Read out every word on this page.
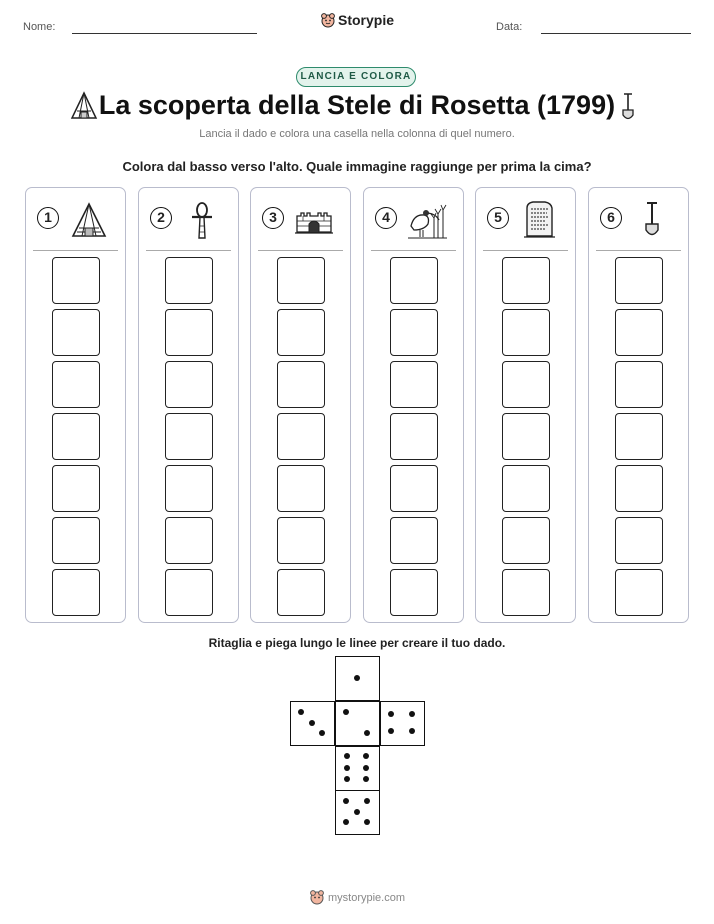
Nome:	Data:
Storypie
LANCIA E COLORA
La scoperta della Stele di Rosetta (1799)
Lancia il dado e colora una casella nella colonna di quel numero.
Colora dal basso verso l'alto. Quale immagine raggiunge per prima la cima?
1	2	3	4	5	6
Ritaglia e piega lungo le linee per creare il tuo dado.
mystorypie.com
